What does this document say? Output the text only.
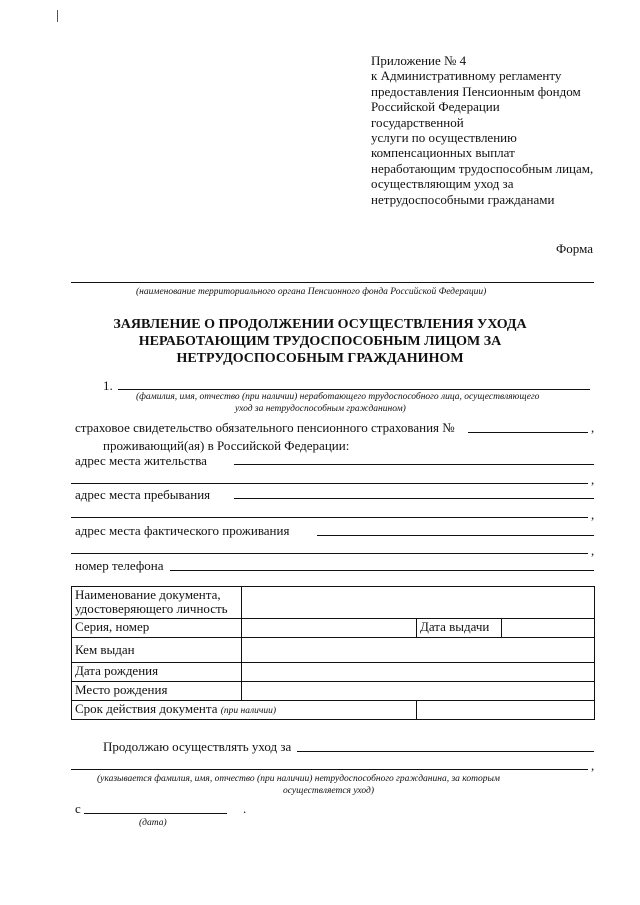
Приложение № 4
к Административному регламенту
предоставления Пенсионным фондом
Российской Федерации
государственной
услуги по осуществлению
компенсационных выплат
неработающим трудоспособным лицам,
осуществляющим уход за
нетрудоспособными гражданами
Форма
(наименование территориального органа Пенсионного фонда Российской Федерации)
ЗАЯВЛЕНИЕ О ПРОДОЛЖЕНИИ ОСУЩЕСТВЛЕНИЯ УХОДА
НЕРАБОТАЮЩИМ ТРУДОСПОСОБНЫМ ЛИЦОМ ЗА
НЕТРУДОСПОСОБНЫМ ГРАЖДАНИНОМ
1.
(фамилия, имя, отчество (при наличии) неработающего трудоспособного лица, осуществляющего
уход за нетрудоспособным гражданином)
страховое свидетельство обязательного пенсионного страхования №	,
проживающий(ая) в Российской Федерации:
адрес места жительства
,
адрес места пребывания
,
адрес места фактического проживания
,
номер телефона
Наименование документа,
удостоверяющего личность			

Серия, номер		Дата выдачи	
Кем выдан			
Дата рождения			
Место рождения			
Срок действия документа (при наличии)			
Продолжаю осуществлять уход за
,
(указывается фамилия, имя, отчество (при наличии) нетрудоспособного гражданина, за которым
осуществляется уход)
с	.
(дата)
